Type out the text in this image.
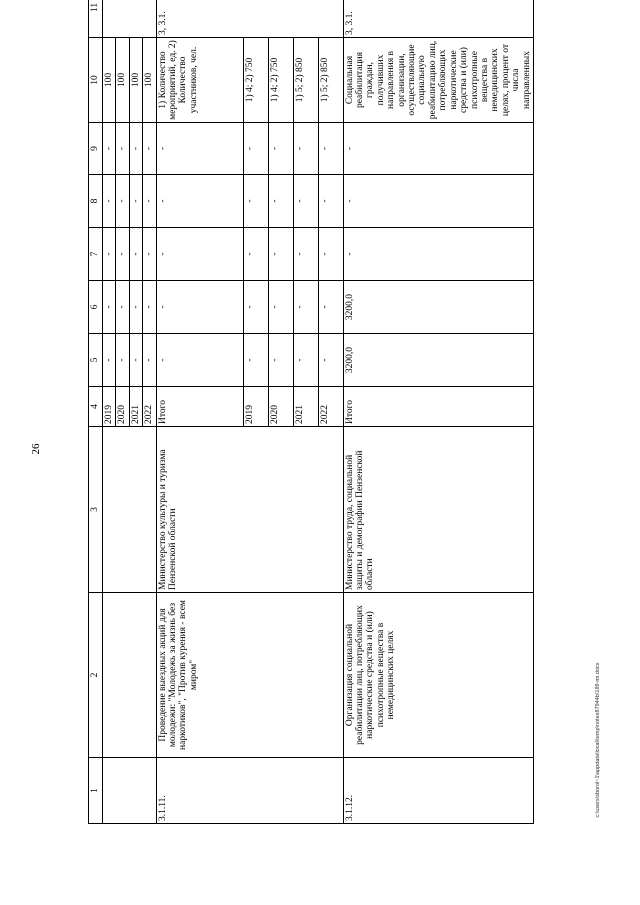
26
c:\users\sborol~1\appdata\local\temp\notes87944b\189-пп.docx
1	2	3	4	5	6	7	8	9	10	11
			2019	-	-	-	-	-	100	
			2020	-	-	-	-	-	100	
			2021	-	-	-	-	-	100	
			2022	-	-	-	-	-	100	
3.1.11.	Проведение выездных акций для молодежи: "Молодежь за жизнь без наркотиков", "Против курения - всем миром"	Министерство культуры и туризма Пензенской области	Итого	-	-	-	-	-	1) Количество мероприятий, ед. 2) Количество участников, чел.	3, 3.1.
			2019	-	-	-	-	-	1) 4; 2) 750	
			2020	-	-	-	-	-	1) 4; 2) 750	
			2021	-	-	-	-	-	1) 5; 2) 850	
			2022	-	-	-	-	-	1) 5; 2) 850	
3.1.12.	Организация социальной реабилитации лиц, потребляющих наркотические средства и (или) психотропные вещества в немедицинских целях	Министерство труда, социальной защиты и демографии Пензенской области	Итого	3200,0	3200,0	-	-	-	Социальная реабилитация граждан, получивших направления в организации, осуществляющие социальную реабилитацию лиц, потребляющих наркотические средства и (или) психотропные вещества в немедицинских целях, процент от числа направленных	3, 3.1.
